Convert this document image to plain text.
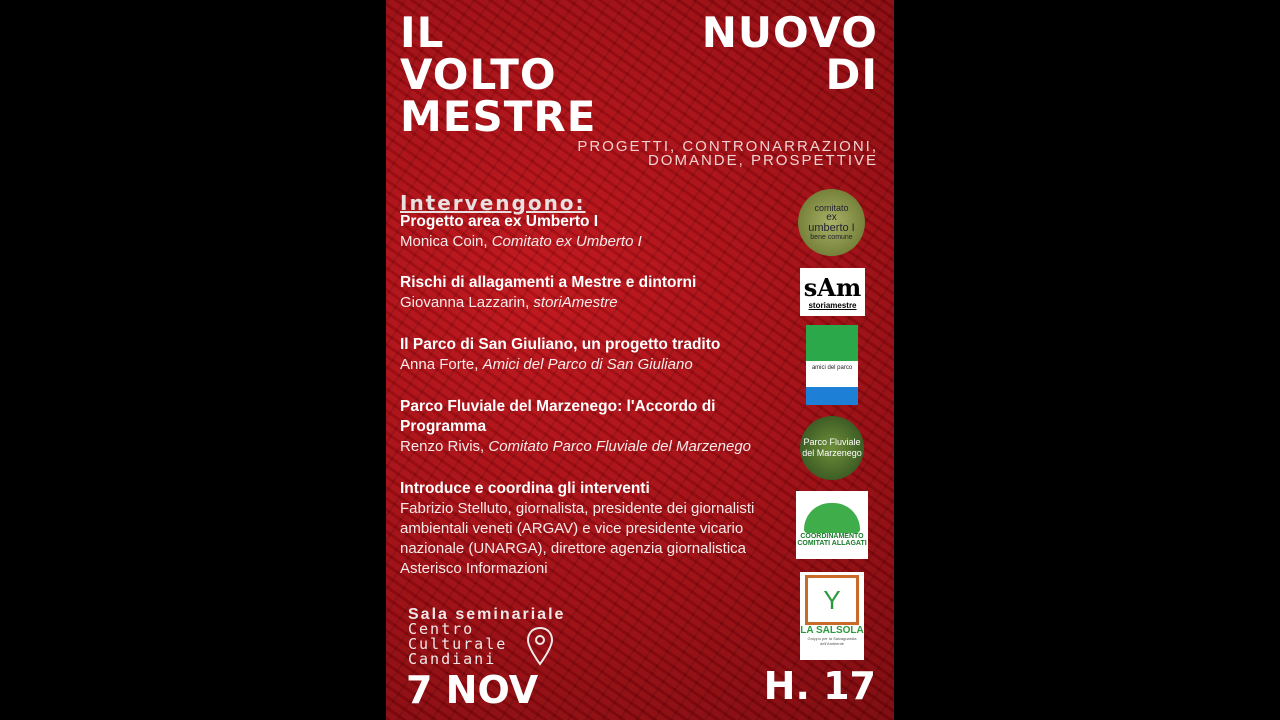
IL	NUOVO
VOLTO	DI
MESTRE
PROGETTI, CONTRONARRAZIONI,
DOMANDE, PROSPETTIVE
Intervengono:
Progetto area ex Umberto I
Monica Coin, Comitato ex Umberto I
Rischi di allagamenti a Mestre e dintorni
Giovanna Lazzarin, storiAmestre
Il Parco di San Giuliano, un progetto tradito
Anna Forte, Amici del Parco di San Giuliano
Parco Fluviale del Marzenego: l'Accordo di Programma
Renzo Rivis, Comitato Parco Fluviale del Marzenego
Introduce e coordina gli interventi
Fabrizio Stelluto, giornalista, presidente dei giornalisti ambientali veneti (ARGAV) e vice presidente vicario nazionale (UNARGA), direttore agenzia giornalistica Asterisco Informazioni
comitato
ex
umberto I
bene comune
sAm
storiamestre
amici del parco
Parco Fluviale
del Marzenego
COORDINAMENTO
COMITATI ALLAGATI
Y
LA SALSOLA
Gruppo per la Salvaguardia dell'Ambiente
Sala seminariale
Centro
Culturale
Candiani
7 NOV	H. 17
